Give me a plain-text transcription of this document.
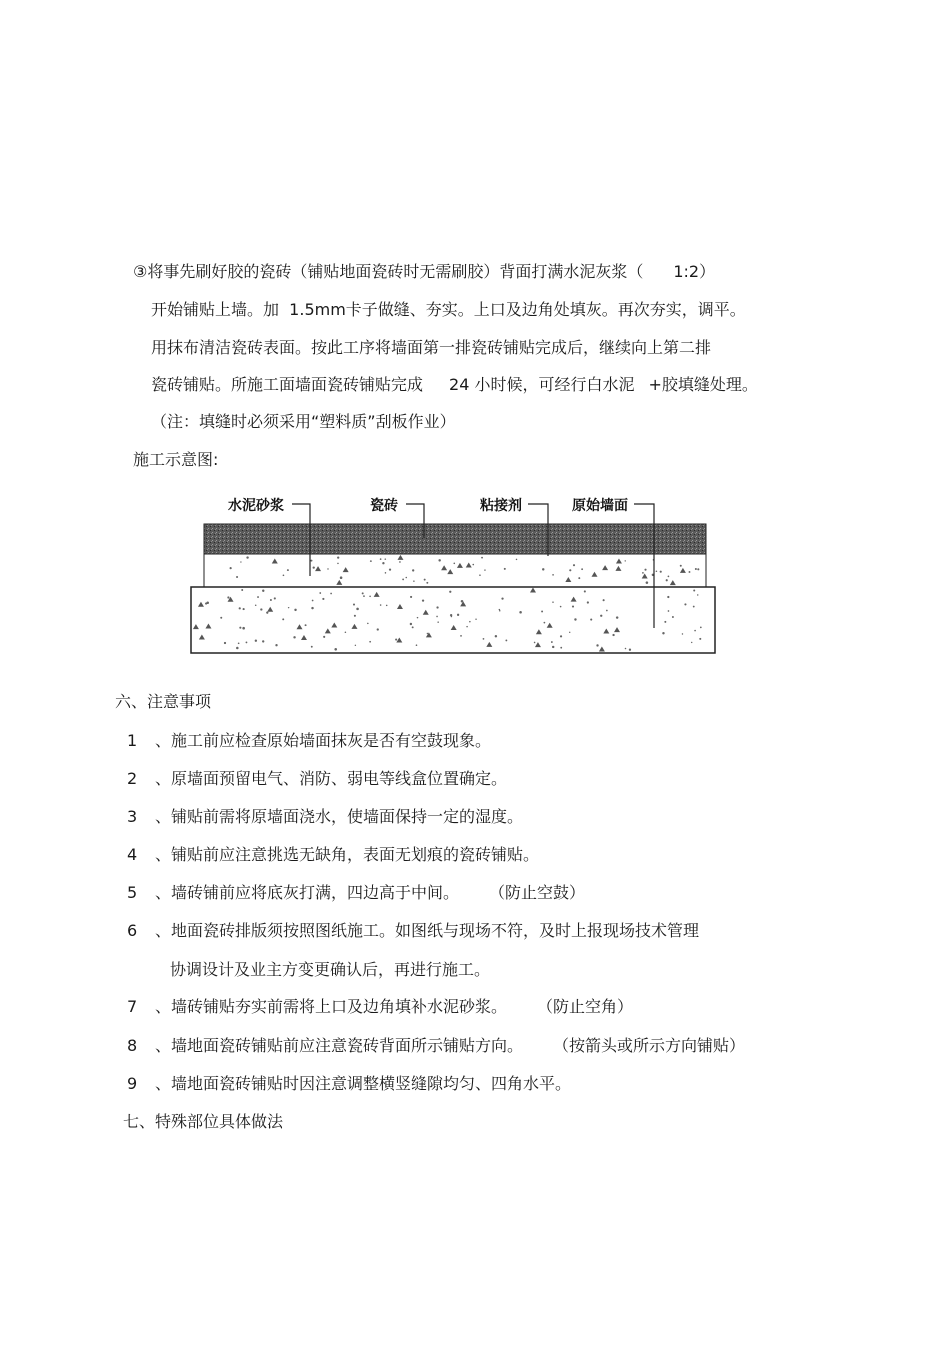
③将事先刷好胶的瓷砖（铺贴地面瓷砖时无需刷胶）背面打满水泥灰浆（ 1:2）
开始铺贴上墙。加  1.5mm卡子做缝、夯实。上口及边角处填灰。再次夯实，调平。
用抹布清洁瓷砖表面。按此工序将墙面第一排瓷砖铺贴完成后，继续向上第二排
瓷砖铺贴。所施工面墙面瓷砖铺贴完成 24 小时候，可经行白水泥 +胶填缝处理。
（注：填缝时必须采用“塑料质”刮板作业）
施工示意图:
水泥砂浆	瓷砖	粘接剂	原始墙面
六、注意事项
1 、施工前应检查原始墙面抹灰是否有空鼓现象。
2 、原墙面预留电气、消防、弱电等线盒位置确定。
3 、铺贴前需将原墙面浇水，使墙面保持一定的湿度。
4 、铺贴前应注意挑选无缺角，表面无划痕的瓷砖铺贴。
5 、墙砖铺前应将底灰打满，四边高于中间。 （防止空鼓）
6 、地面瓷砖排版须按照图纸施工。如图纸与现场不符，及时上报现场技术管理
协调设计及业主方变更确认后，再进行施工。
7 、墙砖铺贴夯实前需将上口及边角填补水泥砂浆。 （防止空角）
8 、墙地面瓷砖铺贴前应注意瓷砖背面所示铺贴方向。 （按箭头或所示方向铺贴）
9 、墙地面瓷砖铺贴时因注意调整横竖缝隙均匀、四角水平。
七、特殊部位具体做法
